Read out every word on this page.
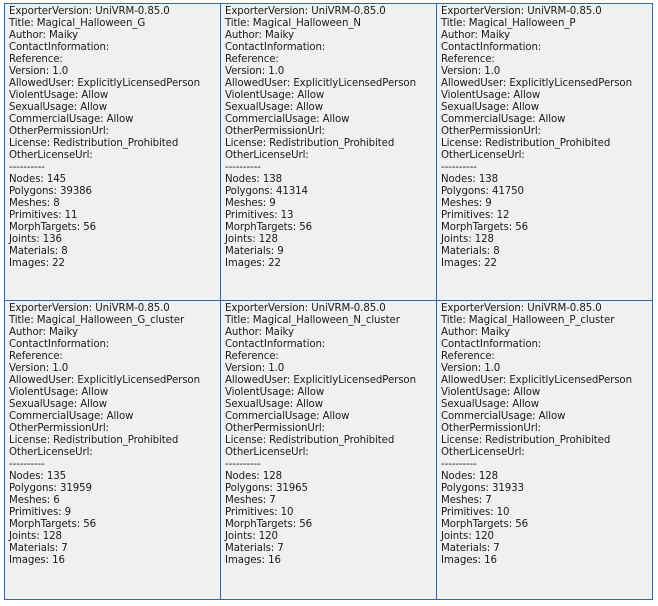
ExporterVersion: UniVRM-0.85.0
Title: Magical_Halloween_G
Author: Maiky
ContactInformation:
Reference:
Version: 1.0
AllowedUser: ExplicitlyLicensedPerson
ViolentUsage: Allow
SexualUsage: Allow
CommercialUsage: Allow
OtherPermissionUrl:
License: Redistribution_Prohibited
OtherLicenseUrl:
----------
Nodes: 145
Polygons: 39386
Meshes: 8
Primitives: 11
MorphTargets: 56
Joints: 136
Materials: 8
Images: 22
ExporterVersion: UniVRM-0.85.0
Title: Magical_Halloween_N
Author: Maiky
ContactInformation:
Reference:
Version: 1.0
AllowedUser: ExplicitlyLicensedPerson
ViolentUsage: Allow
SexualUsage: Allow
CommercialUsage: Allow
OtherPermissionUrl:
License: Redistribution_Prohibited
OtherLicenseUrl:
----------
Nodes: 138
Polygons: 41314
Meshes: 9
Primitives: 13
MorphTargets: 56
Joints: 128
Materials: 9
Images: 22
ExporterVersion: UniVRM-0.85.0
Title: Magical_Halloween_P
Author: Maiky
ContactInformation:
Reference:
Version: 1.0
AllowedUser: ExplicitlyLicensedPerson
ViolentUsage: Allow
SexualUsage: Allow
CommercialUsage: Allow
OtherPermissionUrl:
License: Redistribution_Prohibited
OtherLicenseUrl:
----------
Nodes: 138
Polygons: 41750
Meshes: 9
Primitives: 12
MorphTargets: 56
Joints: 128
Materials: 8
Images: 22
ExporterVersion: UniVRM-0.85.0
Title: Magical_Halloween_G_cluster
Author: Maiky
ContactInformation:
Reference:
Version: 1.0
AllowedUser: ExplicitlyLicensedPerson
ViolentUsage: Allow
SexualUsage: Allow
CommercialUsage: Allow
OtherPermissionUrl:
License: Redistribution_Prohibited
OtherLicenseUrl:
----------
Nodes: 135
Polygons: 31959
Meshes: 6
Primitives: 9
MorphTargets: 56
Joints: 128
Materials: 7
Images: 16
ExporterVersion: UniVRM-0.85.0
Title: Magical_Halloween_N_cluster
Author: Maiky
ContactInformation:
Reference:
Version: 1.0
AllowedUser: ExplicitlyLicensedPerson
ViolentUsage: Allow
SexualUsage: Allow
CommercialUsage: Allow
OtherPermissionUrl:
License: Redistribution_Prohibited
OtherLicenseUrl:
----------
Nodes: 128
Polygons: 31965
Meshes: 7
Primitives: 10
MorphTargets: 56
Joints: 120
Materials: 7
Images: 16
ExporterVersion: UniVRM-0.85.0
Title: Magical_Halloween_P_cluster
Author: Maiky
ContactInformation:
Reference:
Version: 1.0
AllowedUser: ExplicitlyLicensedPerson
ViolentUsage: Allow
SexualUsage: Allow
CommercialUsage: Allow
OtherPermissionUrl:
License: Redistribution_Prohibited
OtherLicenseUrl:
----------
Nodes: 128
Polygons: 31933
Meshes: 7
Primitives: 10
MorphTargets: 56
Joints: 120
Materials: 7
Images: 16
